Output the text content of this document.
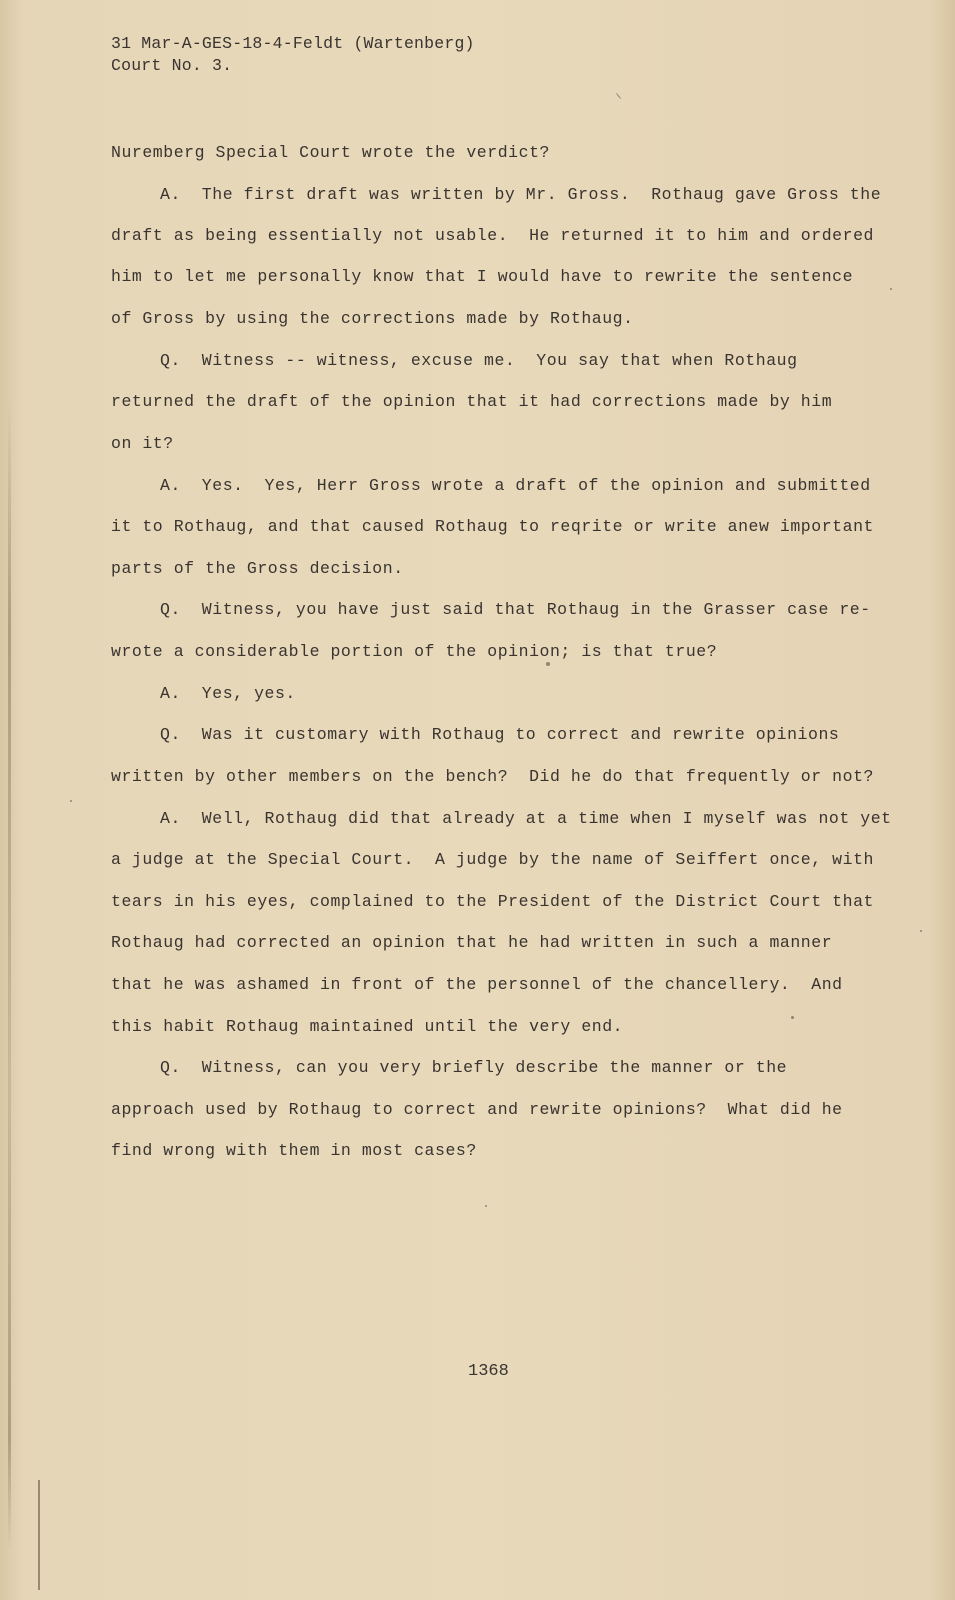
31 Mar-A-GES-18-4-Feldt (Wartenberg)
Court No. 3.
Nuremberg Special Court wrote the verdict?
A.  The first draft was written by Mr. Gross.  Rothaug gave Gross the
draft as being essentially not usable.  He returned it to him and ordered
him to let me personally know that I would have to rewrite the sentence
of Gross by using the corrections made by Rothaug.
Q.  Witness -- witness, excuse me.  You say that when Rothaug
returned the draft of the opinion that it had corrections made by him
on it?
A.  Yes.  Yes, Herr Gross wrote a draft of the opinion and submitted
it to Rothaug, and that caused Rothaug to reqrite or write anew important
parts of the Gross decision.
Q.  Witness, you have just said that Rothaug in the Grasser case re-
wrote a considerable portion of the opinion; is that true?
A.  Yes, yes.
Q.  Was it customary with Rothaug to correct and rewrite opinions
written by other members on the bench?  Did he do that frequently or not?
A.  Well, Rothaug did that already at a time when I myself was not yet
a judge at the Special Court.  A judge by the name of Seiffert once, with
tears in his eyes, complained to the President of the District Court that
Rothaug had corrected an opinion that he had written in such a manner
that he was ashamed in front of the personnel of the chancellery.  And
this habit Rothaug maintained until the very end.
Q.  Witness, can you very briefly describe the manner or the
approach used by Rothaug to correct and rewrite opinions?  What did he
find wrong with them in most cases?
1368
